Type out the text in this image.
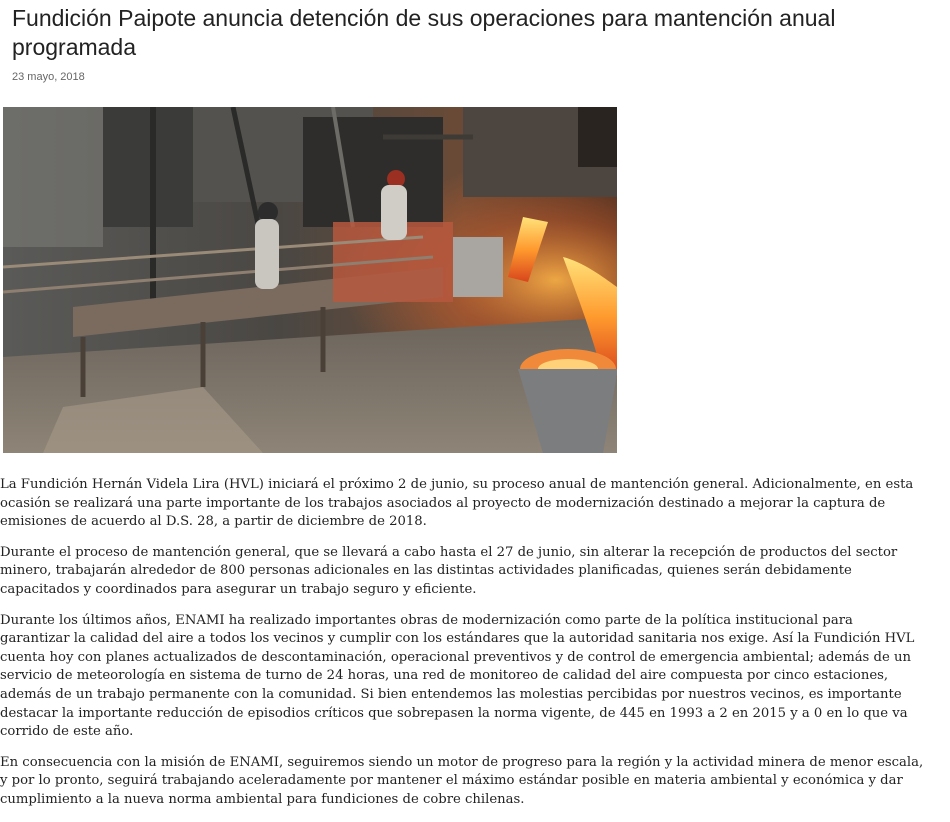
Fundición Paipote anuncia detención de sus operaciones para mantención anual programada
23 mayo, 2018

La Fundición Hernán Videla Lira (HVL) iniciará el próximo 2 de junio, su proceso anual de mantención general. Adicionalmente, en esta ocasión se realizará una parte importante de los trabajos asociados al proyecto de modernización destinado a mejorar la captura de emisiones de acuerdo al D.S. 28, a partir de diciembre de 2018.

Durante el proceso de mantención general, que se llevará a cabo hasta el 27 de junio, sin alterar la recepción de productos del sector minero, trabajarán alrededor de 800 personas adicionales en las distintas actividades planificadas, quienes serán debidamente capacitados y coordinados para asegurar un trabajo seguro y eficiente.

Durante los últimos años, ENAMI ha realizado importantes obras de modernización como parte de la política institucional para garantizar la calidad del aire a todos los vecinos y cumplir con los estándares que la autoridad sanitaria nos exige. Así la Fundición HVL cuenta hoy con planes actualizados de descontaminación, operacional preventivos y de control de emergencia ambiental; además de un servicio de meteorología en sistema de turno de 24 horas, una red de monitoreo de calidad del aire compuesta por cinco estaciones, además de un trabajo permanente con la comunidad. Si bien entendemos las molestias percibidas por nuestros vecinos, es importante destacar la importante reducción de episodios críticos que sobrepasen la norma vigente, de 445 en 1993 a 2 en 2015 y a 0 en lo que va corrido de este año.

En consecuencia con la misión de ENAMI, seguiremos siendo un motor de progreso para la región y la actividad minera de menor escala, y por lo pronto, seguirá trabajando aceleradamente por mantener el máximo estándar posible en materia ambiental y económica y dar cumplimiento a la nueva norma ambiental para fundiciones de cobre chilenas.
